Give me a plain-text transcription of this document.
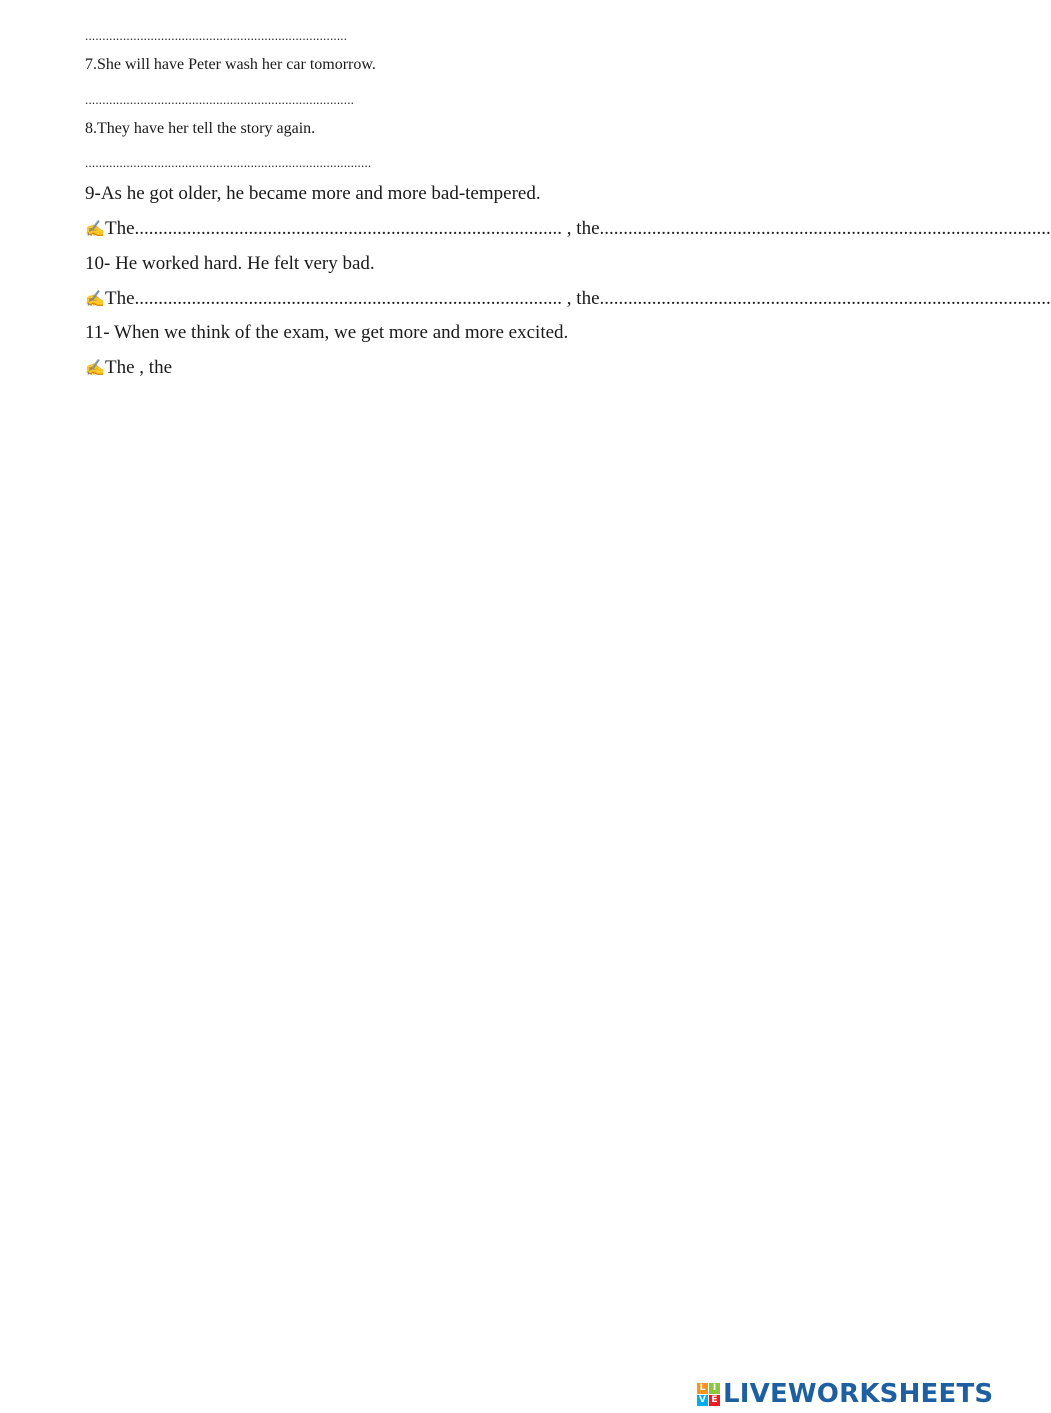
............................................................................
7.She will have Peter wash her car tomorrow.
..............................................................................
8.They have her tell the story again.
...................................................................................
9-As he got older, he became more and more bad-tempered.
✍The.......................................................................................... , the...............................................................................................
10- He worked hard. He felt very bad.
✍The.......................................................................................... , the...............................................................................................
11- When we think of the exam, we get more and more excited.
✍The , the
L I
V E LIVEWORKSHEETS
